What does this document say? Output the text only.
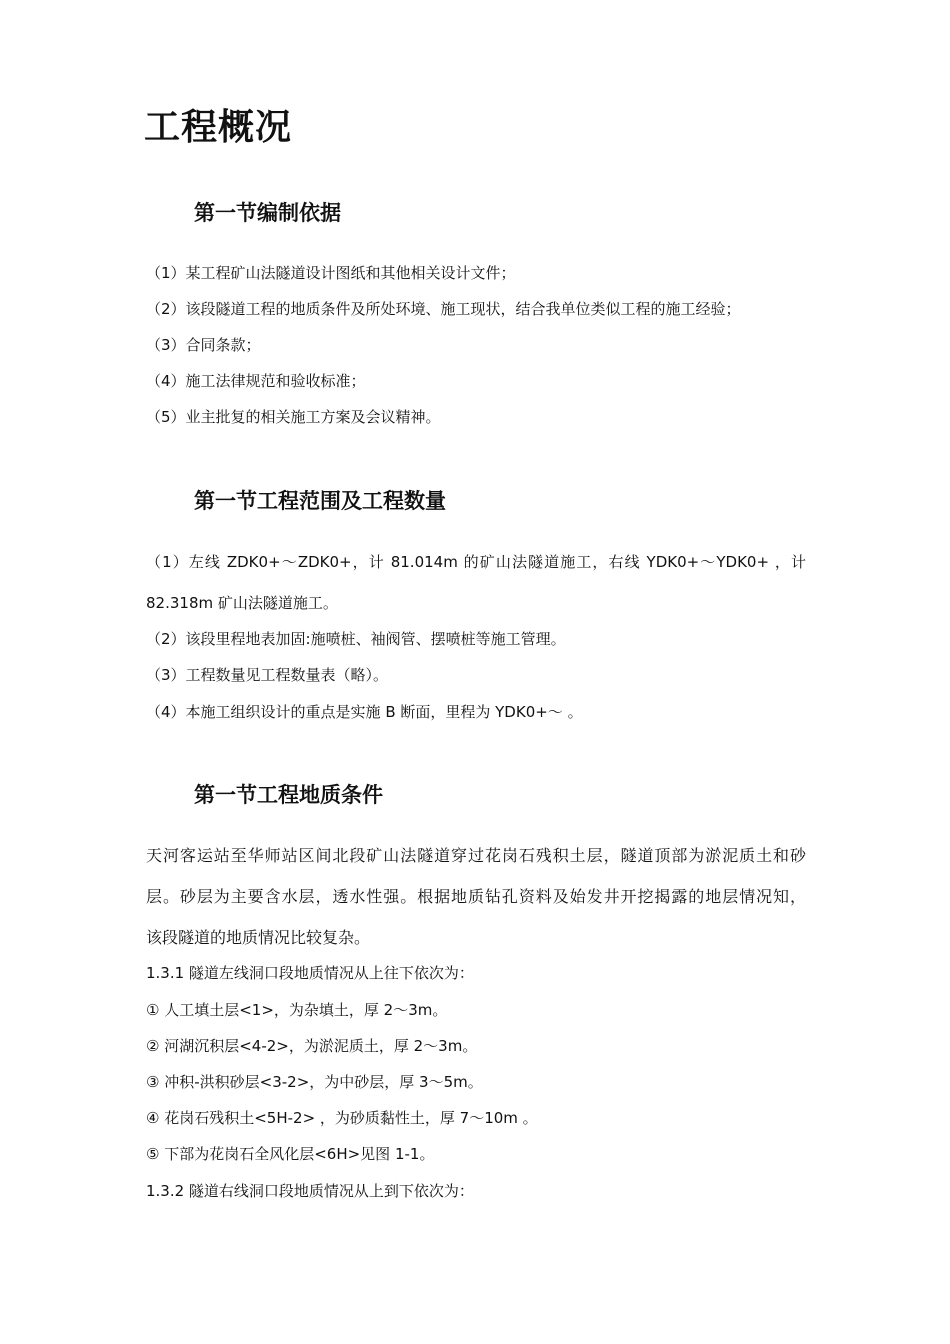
工程概况
第一节编制依据

（1）某工程矿山法隧道设计图纸和其他相关设计文件；

（2）该段隧道工程的地质条件及所处环境、施工现状，结合我单位类似工程的施工经验；

（3）合同条款；

（4）施工法律规范和验收标准；

（5）业主批复的相关施工方案及会议精神。

第一节工程范围及工程数量

（1）左线 ZDK0+～ZDK0+，计 81.014m 的矿山法隧道施工，右线 YDK0+～YDK0+ ，计

82.318m 矿山法隧道施工。

（2）该段里程地表加固:施喷桩、袖阀管、摆喷桩等施工管理。

（3）工程数量见工程数量表（略）。

（4）本施工组织设计的重点是实施 B 断面，里程为 YDK0+～ 。

第一节工程地质条件

天河客运站至华师站区间北段矿山法隧道穿过花岗石残积土层，隧道顶部为淤泥质土和砂

层。砂层为主要含水层，透水性强。根据地质钻孔资料及始发井开挖揭露的地层情况知，

该段隧道的地质情况比较复杂。

1.3.1 隧道左线洞口段地质情况从上往下依次为：

① 人工填土层<1>，为杂填土，厚 2～3m。

② 河湖沉积层<4-2>，为淤泥质土，厚 2～3m。

③ 冲积-洪积砂层<3-2>，为中砂层，厚 3～5m。

④ 花岗石残积土<5H-2> ，为砂质黏性土，厚 7～10m 。

⑤ 下部为花岗石全风化层<6H>见图 1-1。

1.3.2 隧道右线洞口段地质情况从上到下依次为：
